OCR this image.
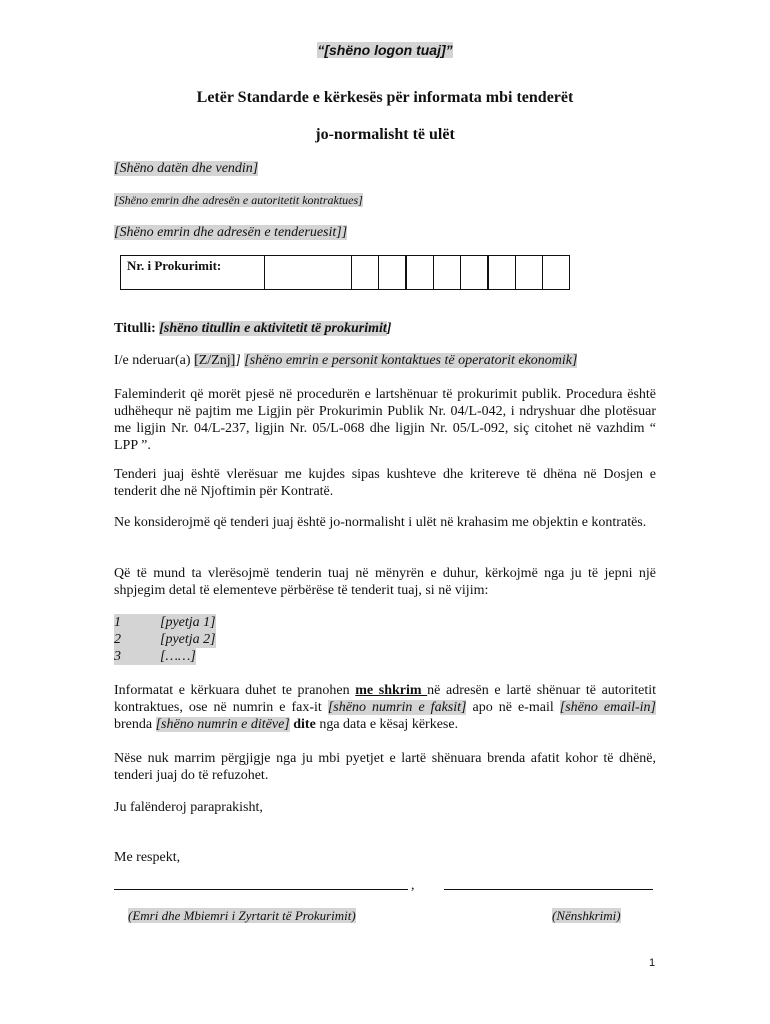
“[shëno logon tuaj]”
Letër Standarde e kërkesës për informata mbi tenderët
jo-normalisht të ulët
[Shëno datën dhe vendin]
[Shëno emrin dhe adresën e autoritetit kontraktues]
[Shëno emrin dhe adresën e tenderuesit]]
Nr. i Prokurimit:									
Titulli: [shëno titullin e aktivitetit të prokurimit]
I/e nderuar(a) [Z/Znj]] [shëno emrin e personit kontaktues të operatorit ekonomik]
Faleminderit që morët pjesë në procedurën e lartshënuar të prokurimit publik. Procedura është udhëhequr në pajtim me Ligjin për Prokurimin Publik Nr. 04/L-042, i ndryshuar dhe plotësuar me ligjin Nr. 04/L-237, ligjin Nr. 05/L-068 dhe ligjin Nr. 05/L-092, siç citohet në vazhdim “ LPP ”.
Tenderi juaj është vlerësuar me kujdes sipas kushteve dhe kritereve të dhëna në Dosjen e tenderit dhe në Njoftimin për Kontratë.
Ne konsiderojmë që tenderi juaj është jo-normalisht i ulët në krahasim me objektin e kontratës.
Që të mund ta vlerësojmë tenderin tuaj në mënyrën e duhur, kërkojmë nga ju të jepni një shpjegim detal të elementeve përbërëse të tenderit tuaj, si në vijim:
1	[pyetja 1]
2	[pyetja 2]
3	[……]
Informatat e kërkuara duhet te pranohen me shkrim në adresën e lartë shënuar të autoritetit kontraktues, ose në numrin e fax-it [shëno numrin e faksit] apo në e-mail [shëno email-in] brenda [shëno numrin e ditëve] dite nga data e kësaj kërkese.
Nëse nuk marrim përgjigje nga ju mbi pyetjet e lartë shënuara brenda afatit kohor të dhënë, tenderi juaj do të refuzohet.
Ju falënderoj paraprakisht,
Me respekt,
,
(Emri dhe Mbiemri i Zyrtarit të Prokurimit)	(Nënshkrimi)
1
